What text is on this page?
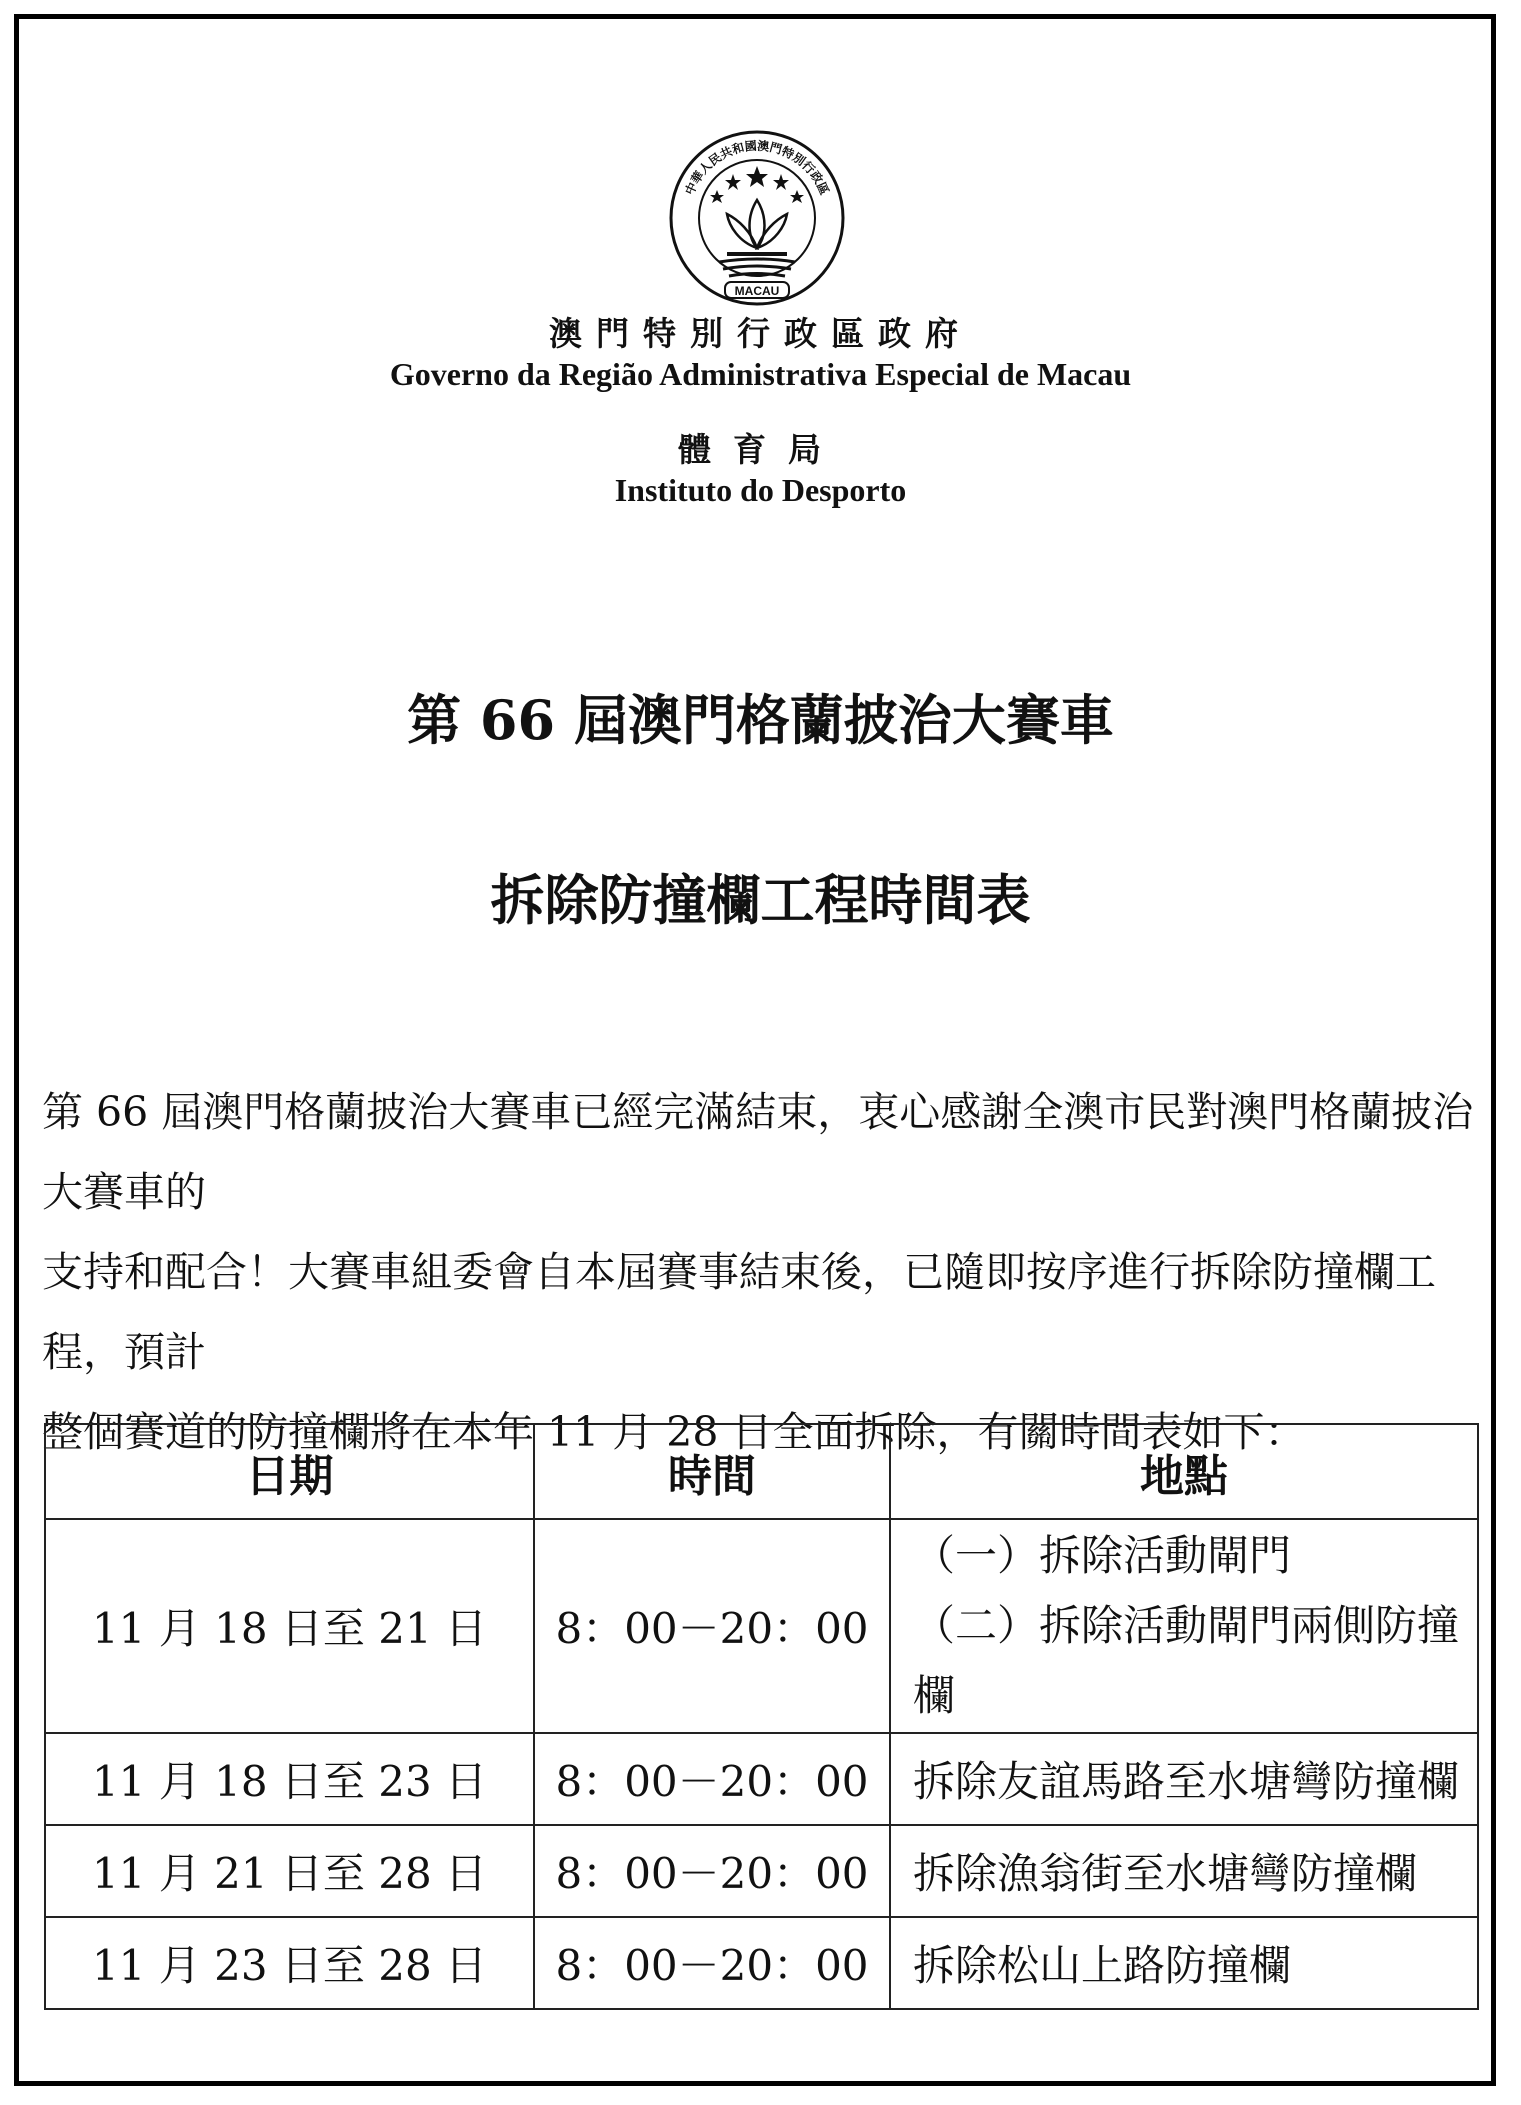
中華人民共和國澳門特別行政區
MACAU
澳門特別行政區政府
Governo da Região Administrativa Especial de Macau
體育局
Instituto do Desporto
第 66 屆澳門格蘭披治大賽車
拆除防撞欄工程時間表
第 66 屆澳門格蘭披治大賽車已經完滿結束，衷心感謝全澳市民對澳門格蘭披治大賽車的
支持和配合！大賽車組委會自本屆賽事結束後，已隨即按序進行拆除防撞欄工程，預計
整個賽道的防撞欄將在本年 11 月 28 日全面拆除，有關時間表如下：
日期	時間	地點
11 月 18 日至 21 日	8：00－20：00	（一）拆除活動閘門
（二）拆除活動閘門兩側防撞欄

11 月 18 日至 23 日	8：00－20：00	拆除友誼馬路至水塘彎防撞欄
11 月 21 日至 28 日	8：00－20：00	拆除漁翁街至水塘彎防撞欄
11 月 23 日至 28 日	8：00－20：00	拆除松山上路防撞欄
